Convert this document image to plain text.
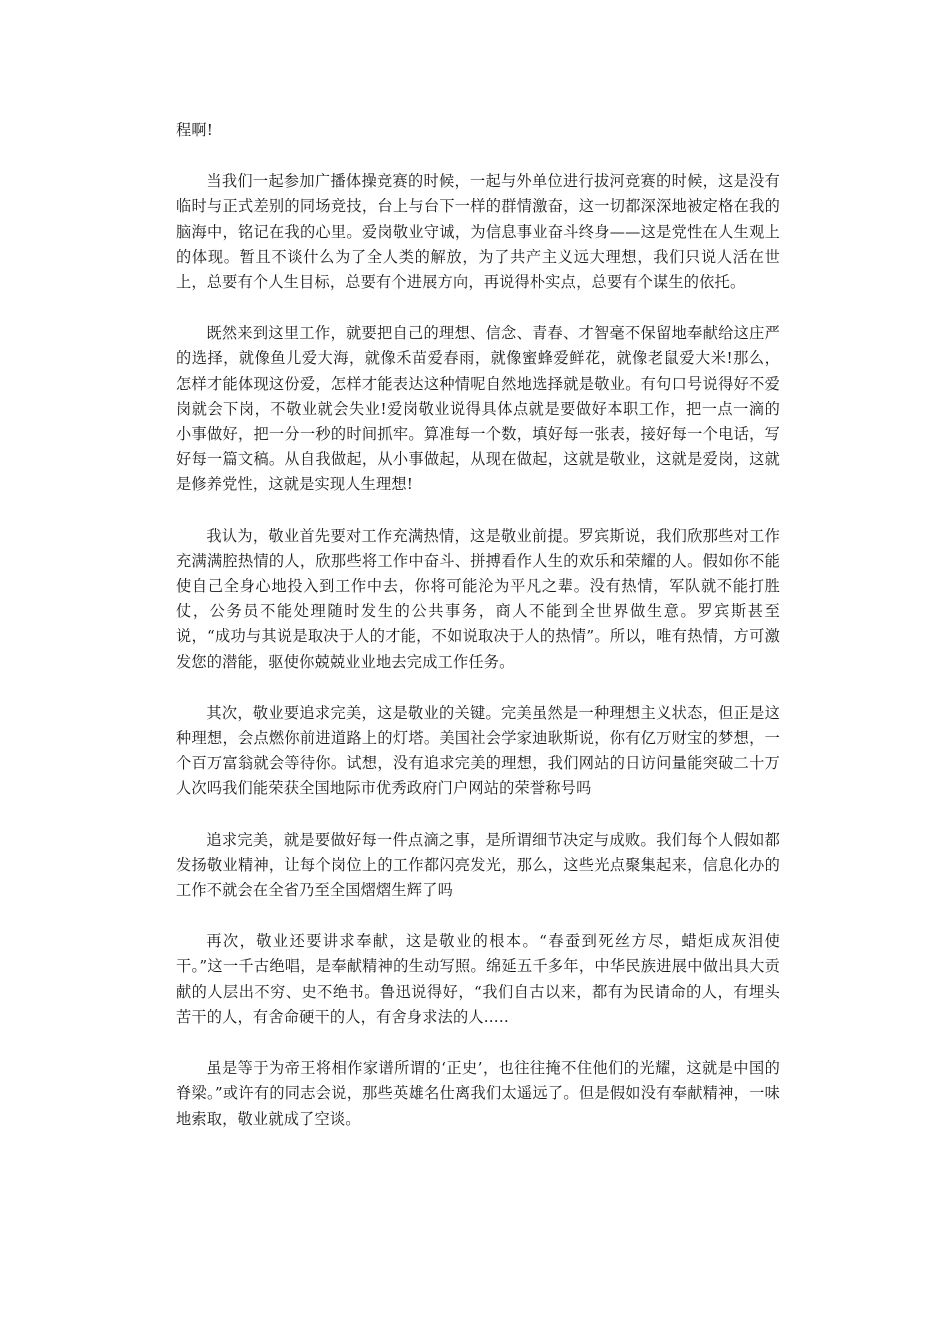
程啊!

当我们一起参加广播体操竞赛的时候，一起与外单位进行拔河竞赛的时候，这是没有临时与正式差别的同场竞技，台上与台下一样的群情激奋，这一切都深深地被定格在我的脑海中，铭记在我的心里。爱岗敬业守诚，为信息事业奋斗终身——这是党性在人生观上的体现。暂且不谈什么为了全人类的解放，为了共产主义远大理想，我们只说人活在世上，总要有个人生目标，总要有个进展方向，再说得朴实点，总要有个谋生的依托。

既然来到这里工作，就要把自己的理想、信念、青春、才智毫不保留地奉献给这庄严的选择，就像鱼儿爱大海，就像禾苗爱春雨，就像蜜蜂爱鲜花，就像老鼠爱大米!那么，怎样才能体现这份爱，怎样才能表达这种情呢自然地选择就是敬业。有句口号说得好不爱岗就会下岗，不敬业就会失业!爱岗敬业说得具体点就是要做好本职工作，把一点一滴的小事做好，把一分一秒的时间抓牢。算准每一个数，填好每一张表，接好每一个电话，写好每一篇文稿。从自我做起，从小事做起，从现在做起，这就是敬业，这就是爱岗，这就是修养党性，这就是实现人生理想!

我认为，敬业首先要对工作充满热情，这是敬业前提。罗宾斯说，我们欣那些对工作充满满腔热情的人，欣那些将工作中奋斗、拼搏看作人生的欢乐和荣耀的人。假如你不能使自己全身心地投入到工作中去，你将可能沦为平凡之辈。没有热情，军队就不能打胜仗，公务员不能处理随时发生的公共事务，商人不能到全世界做生意。罗宾斯甚至说，“成功与其说是取决于人的才能，不如说取决于人的热情”。所以，唯有热情，方可激发您的潜能，驱使你兢兢业业地去完成工作任务。

其次，敬业要追求完美，这是敬业的关键。完美虽然是一种理想主义状态，但正是这种理想，会点燃你前进道路上的灯塔。美国社会学家迪耿斯说，你有亿万财宝的梦想，一个百万富翁就会等待你。试想，没有追求完美的理想，我们网站的日访问量能突破二十万人次吗我们能荣获全国地际市优秀政府门户网站的荣誉称号吗

追求完美，就是要做好每一件点滴之事，是所谓细节决定与成败。我们每个人假如都发扬敬业精神，让每个岗位上的工作都闪亮发光，那么，这些光点聚集起来，信息化办的工作不就会在全省乃至全国熠熠生辉了吗

再次，敬业还要讲求奉献，这是敬业的根本。“春蚕到死丝方尽，蜡炬成灰泪使干。”这一千古绝唱，是奉献精神的生动写照。绵延五千多年，中华民族进展中做出具大贡献的人层出不穷、史不绝书。鲁迅说得好，“我们自古以来，都有为民请命的人，有埋头苦干的人，有舍命硬干的人，有舍身求法的人.....

虽是等于为帝王将相作家谱所谓的‘正史’，也往往掩不住他们的光耀，这就是中国的脊梁。”或许有的同志会说，那些英雄名仕离我们太遥远了。但是假如没有奉献精神，一味地索取，敬业就成了空谈。
